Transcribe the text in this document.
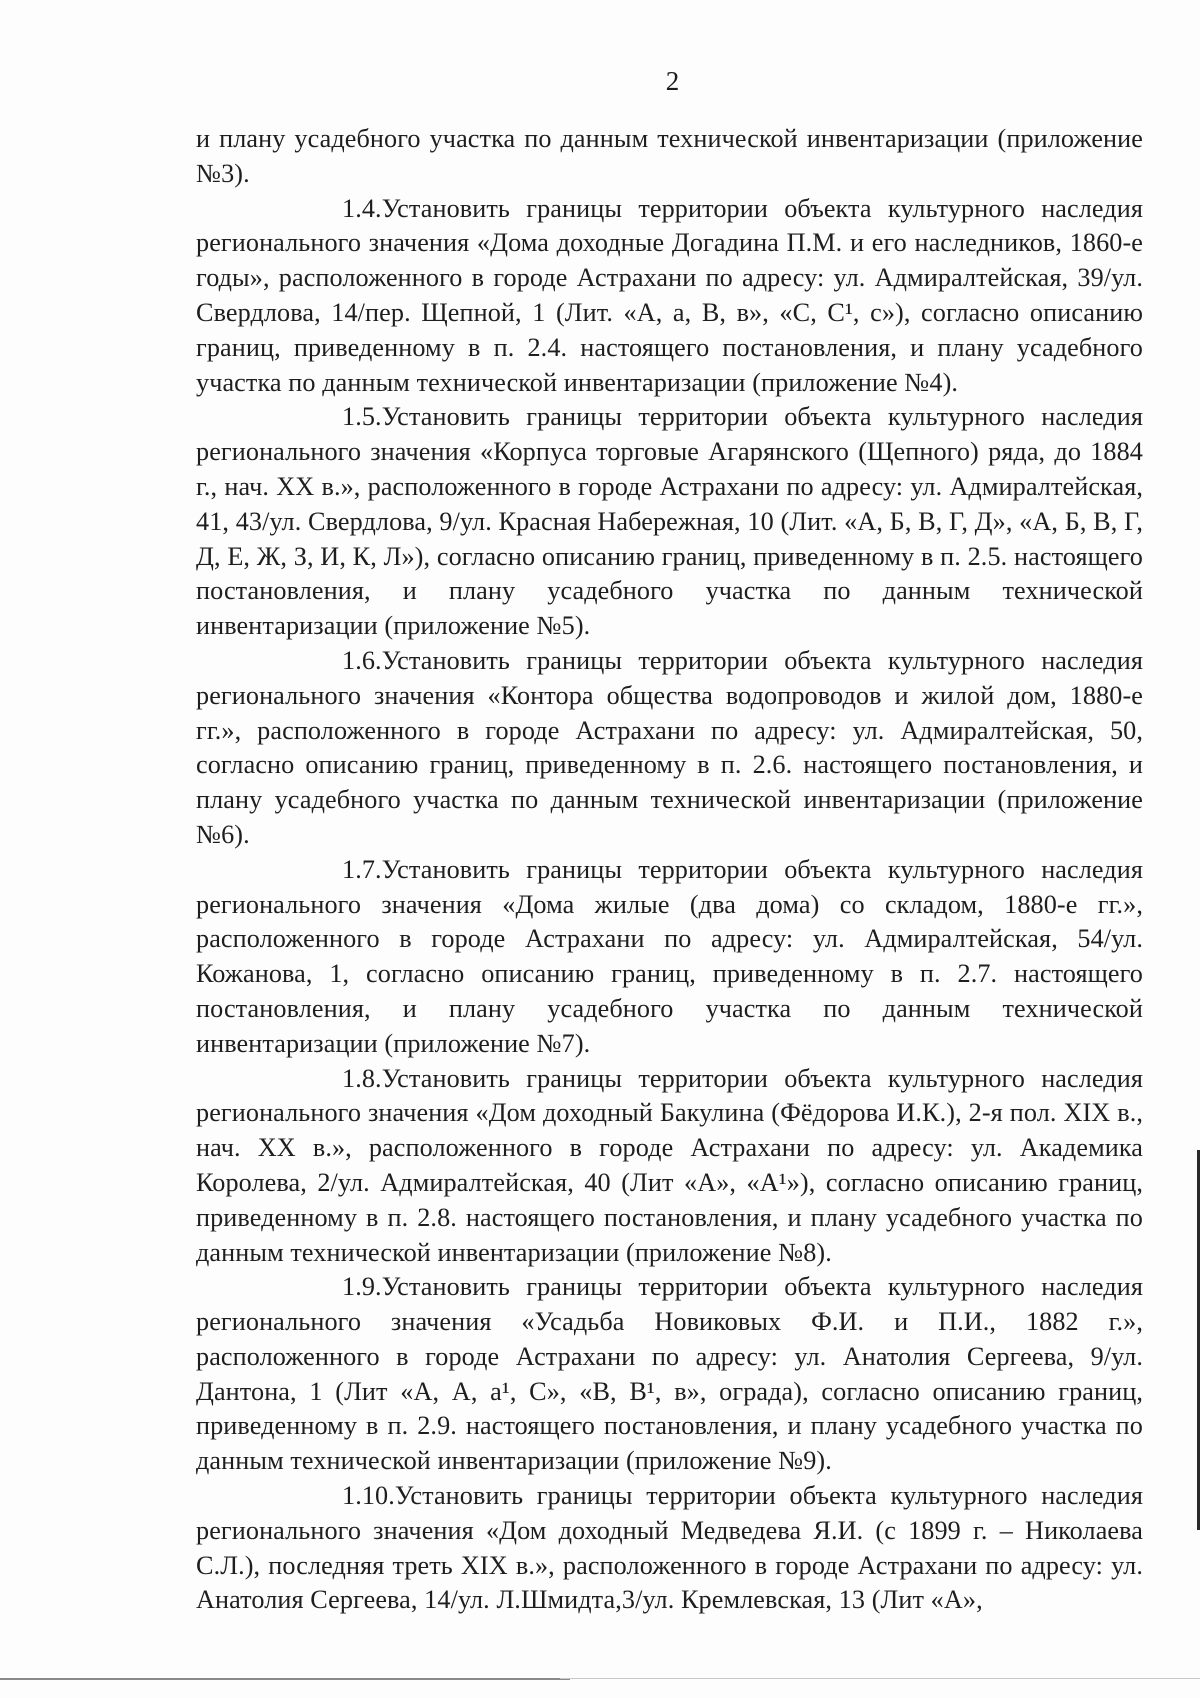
2

и плану усадебного участка по данным технической инвентаризации (приложение №3).

1.4.Установить границы территории объекта культурного наследия регионального значения «Дома доходные Догадина П.М. и его наследников, 1860-е годы», расположенного в городе Астрахани по адресу: ул. Адмиралтейская, 39/ул. Свердлова, 14/пер. Щепной, 1 (Лит. «А, а, В, в», «С, С¹, с»), согласно описанию границ, приведенному в п. 2.4. настоящего постановления, и плану усадебного участка по данным технической инвентаризации (приложение №4).

1.5.Установить границы территории объекта культурного наследия регионального значения «Корпуса торговые Агарянского (Щепного) ряда, до 1884 г., нач. XX в.», расположенного в городе Астрахани по адресу: ул. Адмиралтейская, 41, 43/ул. Свердлова, 9/ул. Красная Набережная, 10 (Лит. «А, Б, В, Г, Д», «А, Б, В, Г, Д, Е, Ж, З, И, К, Л»), согласно описанию границ, приведенному в п. 2.5. настоящего постановления, и плану усадебного участка по данным технической инвентаризации (приложение №5).

1.6.Установить границы территории объекта культурного наследия регионального значения «Контора общества водопроводов и жилой дом, 1880-е гг.», расположенного в городе Астрахани по адресу: ул. Адмиралтейская, 50, согласно описанию границ, приведенному в п. 2.6. настоящего постановления, и плану усадебного участка по данным технической инвентаризации (приложение №6).

1.7.Установить границы территории объекта культурного наследия регионального значения «Дома жилые (два дома) со складом, 1880-е гг.», расположенного в городе Астрахани по адресу: ул. Адмиралтейская, 54/ул. Кожанова, 1, согласно описанию границ, приведенному в п. 2.7. настоящего постановления, и плану усадебного участка по данным технической инвентаризации (приложение №7).

1.8.Установить границы территории объекта культурного наследия регионального значения «Дом доходный Бакулина (Фёдорова И.К.), 2-я пол. XIX в., нач. XX в.», расположенного в городе Астрахани по адресу: ул. Академика Королева, 2/ул. Адмиралтейская, 40 (Лит «А», «А¹»), согласно описанию границ, приведенному в п. 2.8. настоящего постановления, и плану усадебного участка по данным технической инвентаризации (приложение №8).

1.9.Установить границы территории объекта культурного наследия регионального значения «Усадьба Новиковых Ф.И. и П.И., 1882 г.», расположенного в городе Астрахани по адресу: ул. Анатолия Сергеева, 9/ул. Дантона, 1 (Лит «А, А, а¹, С», «В, В¹, в», ограда), согласно описанию границ, приведенному в п. 2.9. настоящего постановления, и плану усадебного участка по данным технической инвентаризации (приложение №9).

1.10.Установить границы территории объекта культурного наследия регионального значения «Дом доходный Медведева Я.И. (с 1899 г. – Николаева С.Л.), последняя треть XIX в.», расположенного в городе Астрахани по адресу: ул. Анатолия Сергеева, 14/ул. Л.Шмидта,3/ул. Кремлевская, 13 (Лит «А»,
